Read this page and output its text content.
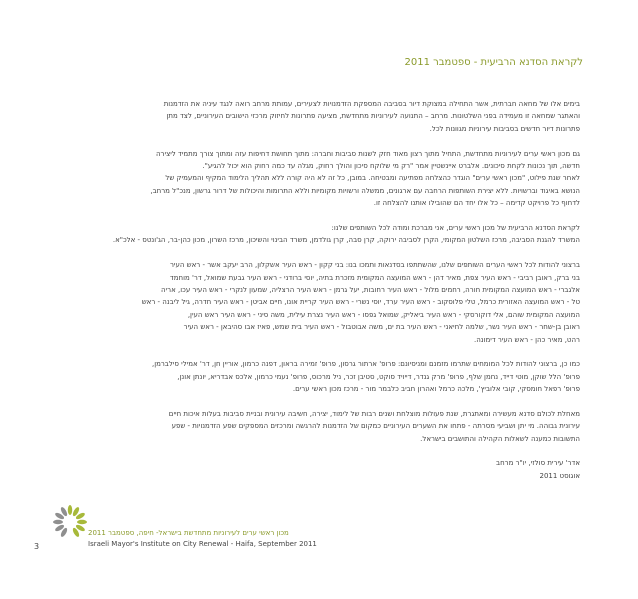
לקראת הסדנא הרביעית - ספטמבר 2011

בימים אלו של מחאה חברתית, אשר התחילה במצוקת דיור בסביבה המספקת הזדמנויות לצעירים, עמותת מרחב רואה לנגד עיניה את הזדמנות
והאתגר שמחאה זו מעמידה בפני השלטונות. מרחב – התנועה לעירוניות מתחדשת, מציעה פתרונות לחיזוק מרכזי הישובים העירוניים, לצד מתן
פתרונות דיור חדשים בסביבות עירוניות מגוונות לכל.

גם מכון ראשי ערים לעירוניות מתחדשת, התחיל מתוך רצון מאוד חזק לשנות סביבות וחברה: מתוך תחושת דחיפות עזה ומתוך צורך מתמיד ליצירה
חדשה, תוך נכונות לקחת סיכונים. אלברט איינשטיין אמר "רק מי שלוקח סיכון והולך רחוק, מגלה עד כמה רחוק הוא יכול להגיע".
לאחר שנת פילוט, "מכון ראשי ערים" הוגדר כהצלחה מפתיעה ומבטיחה. במובן, כל זה לא היה קורה ללא תהליך הלימוד המקיף והמעמיק של
הנושא באיגוד וברשויות. ללא יצירת השותפות הרחבה עם ארגונים, ממשלה ורשויות מקומיות וללא התרומות והיכולות של דרור גרשון, מנכ"ל מרחב,
לדחוף כל פרויקט קדימה – כל אלו יחד הם שהובילו אותנו להצלחה זו.

לקראת הסדנא הרביעית של מכון ראשי ערים, אני מברכת ומודה לכל השותפים שלנו:
המשרד להגנת הסביבה, מרכז השלטון המקומי, הקרן לסביבה ירוקה, קרן סבה, קרן גולדמן, משרד הבינוי והשיכון, מרכז השרון, מכון כהן-בר, הג'ונטס - אלכ"א.

ברצוני להודות לכל ראשי הערים השותפים שלנו, שהשתתפו בסדנאות ותמכו בנו: בני קקון - ראש העיר אשקלון, הרב יעקב אשר - ראש העיר
בני ברק, ראובן רביבי - ראש העיר צפת, מאיר דהן - ראש המועצה המקומית מזכרת בתיה, יוסי ברודני - ראש העיר גבעת שמואל, דר' מוחמד
אלגברי - ראש המועצה המקומית חורה, רחמים מלול - ראש העיר רחובות, יעל גרמן - ראש העיר הרצליה, שמעון לנקרי - ראש העיר עכו, אריה
טל - ראש המועצה האזורית כרמל, טלי פלוסקוב - ראש העיר ערד, יוסי נשרי - ראש העיר קריית אונו, חיים אביטן - ראש העיר חדרה, גיל ליבנה - ראש
המועצה המקומית שוהם, אלי דוקורסקי - ראש העיר ביאליק, שמואל גפסו - ראש העיר נצרת עילית, משה סיני - ראש העיר ראש העין,
ראובן בן-שחר - ראש העיר נשר, שלמה לחיאני - ראש העיר בת ים, משה אבוטבול - ראש העיר בית שמש, פאיז אבו סהיבאן - ראש העיר
רהט, מאיר כהן - ראש העיר דימונה.

כמו כן, ברצוני להודות לכל המומחים שתרמו מזמנם ומניסיונם: פרופ' ארתור גרסון, פרופ' זמירה בראון, דפנה כרמון, אוריין חן, דר' אמילי סילברמן,
פרופ' הלל שוקן, מוטי דייד, נחמן שלף, פרופ' מרק גנדר, דייויד סוקט, סטיבן זכר, ניל מרכוס, פרופ' נעמי כרמון, אלכס אבדריא, יונתן אונן,
פרופ' רפאל חומסקי, קובי אלוביץ', מלכה כרמל ואהרון חביב כלבמר מור - מרכז מכון ראשי ערים.

מאחלת לכולם סדנא מעשירה ומאתגרת, שנת פעולות מוצלחת ושנים רבות של לימוד, יצירה, חשיבה עירונית ובניית סביבות בעלות איכות חיים
עירונית גבוהה. מי יתן ושביעי מסרתה - פתחו את השערים העירוניים כמקום של הזדמנות להרגשה ומרכזים המספקים שפע הזדמנויות - שפע
התשובות כמענה לשאלות הקהילה והתושבים בישראל.

אדר' עירית סולזי, יו"ר מרחב
אוגוסט 2011
מכון ראשי ערים לעירוניות מתחדשת בישראל- חיפה, ספטמבר 2011
Israeli Mayor's Institute on City Renewal - Haifa, September 2011
3
